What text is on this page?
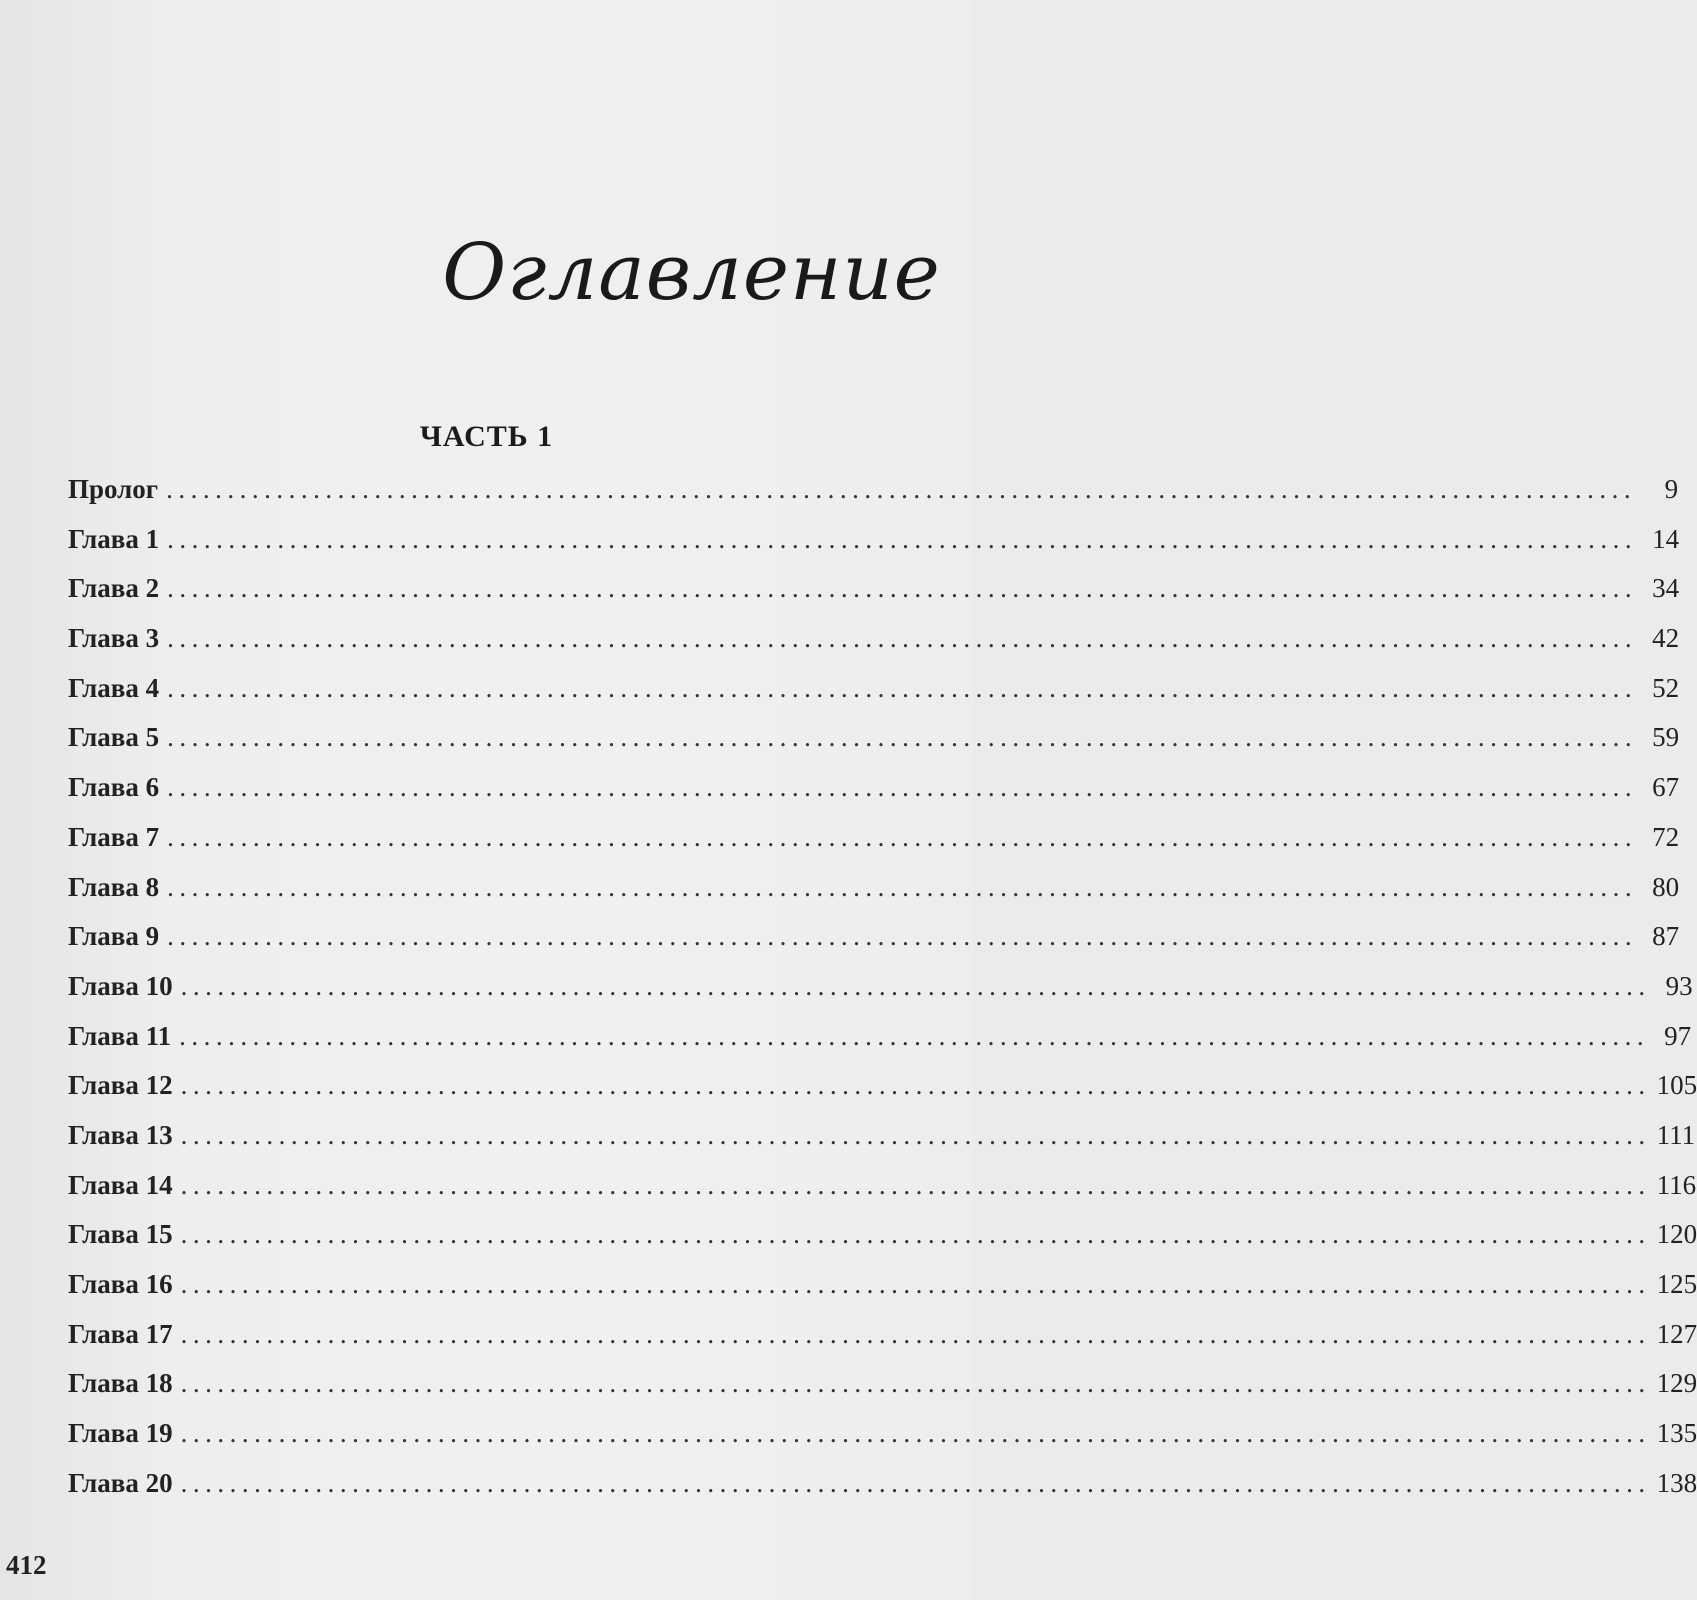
Оглавление
ЧАСТЬ 1
Пролог ........................................................................................................................	9
Глава 1 ........................................................................................................................ 14
Глава 2 ........................................................................................................................ 34
Глава 3 ........................................................................................................................ 42
Глава 4 ........................................................................................................................ 52
Глава 5 ........................................................................................................................ 59
Глава 6 ........................................................................................................................ 67
Глава 7 ........................................................................................................................ 72
Глава 8 ........................................................................................................................ 80
Глава 9 ........................................................................................................................ 87
Глава 10 ........................................................................................................................ 93
Глава 11 ........................................................................................................................ 97
Глава 12 ........................................................................................................................ 105
Глава 13 ........................................................................................................................ 111
Глава 14 ........................................................................................................................ 116
Глава 15 ........................................................................................................................ 120
Глава 16 ........................................................................................................................ 125
Глава 17 ........................................................................................................................ 127
Глава 18 ........................................................................................................................ 129
Глава 19 ........................................................................................................................ 135
Глава 20 ........................................................................................................................ 138
412
